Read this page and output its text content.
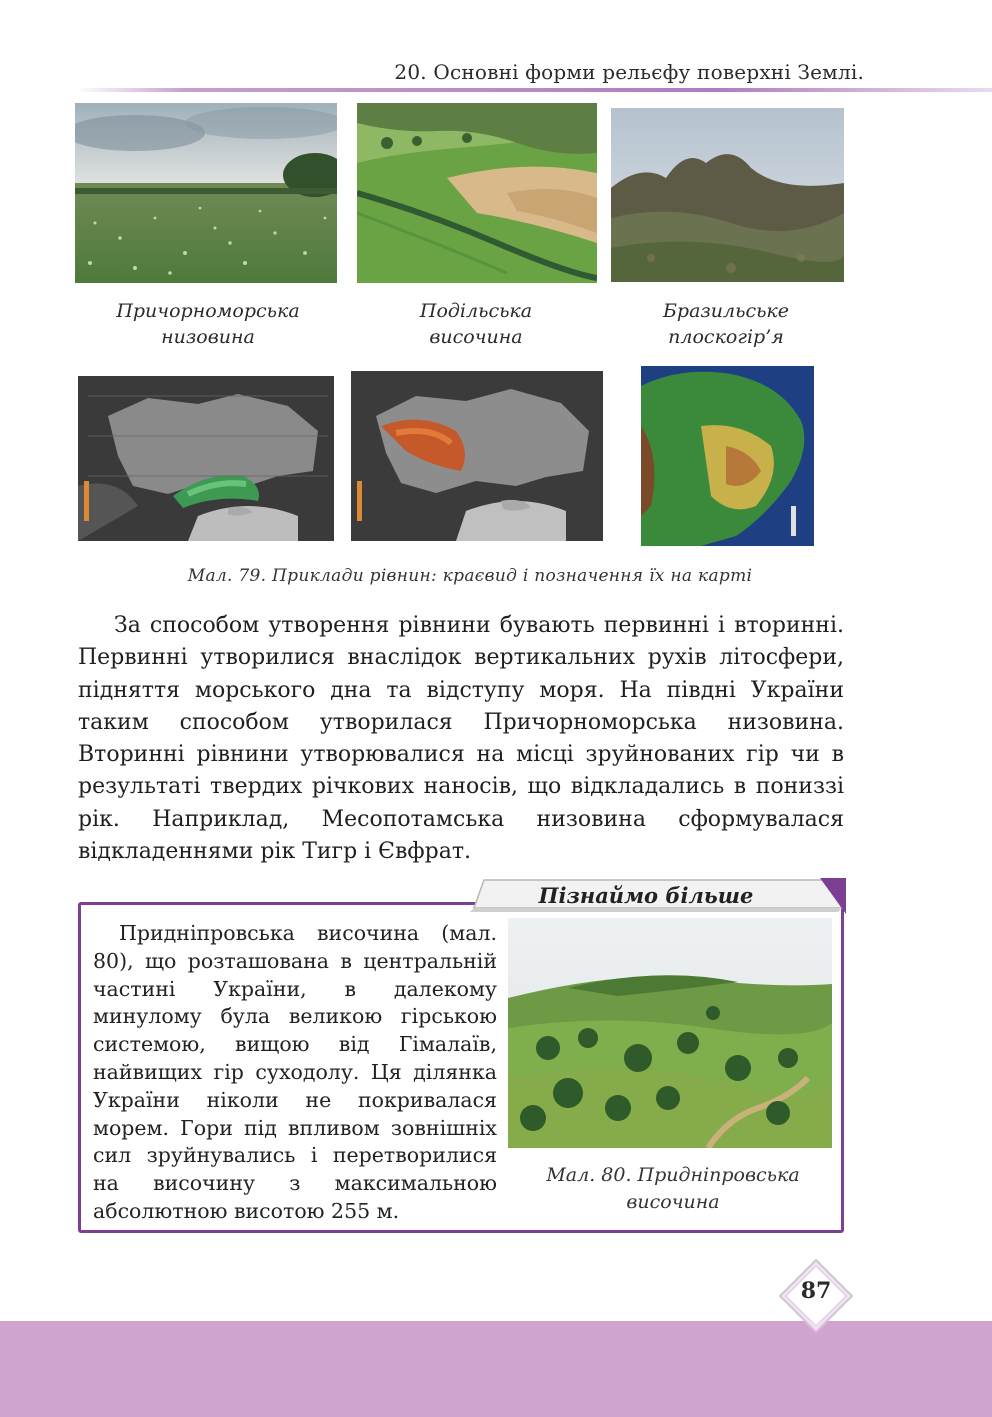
20. Основні форми рельєфу поверхні Землі.
Причорноморська
низовина
Подільська
височина
Бразильське
плоскогір’я
Мал. 79. Приклади рівнин: краєвид і позначення їх на карті

За способом утворення рівнини бувають первинні і вторинні. Первинні утворилися внаслідок вертикальних рухів літосфери, підняття морського дна та відступу моря. На півдні України таким способом утворилася Причорноморська низовина. Вторинні рівнини утворювалися на місці зруйнованих гір чи в результаті твердих річкових наносів, що відкладались в пониззі рік. Наприклад, Месопотамська низовина сформувалася відкладеннями рік Тигр і Євфрат.

Пізнаймо більше

Придніпровська височина (мал. 80), що розташована в центральній частині України, в далекому минулому була великою гірською системою, вищою від Гімалаїв, найвищих гір суходолу. Ця ділянка України ніколи не покривалася морем. Гори під впливом зовнішніх сил зруйнувались і перетворилися на височину з максимальною абсолютною висотою 255 м.

Мал. 80. Придніпровська
височина
87
